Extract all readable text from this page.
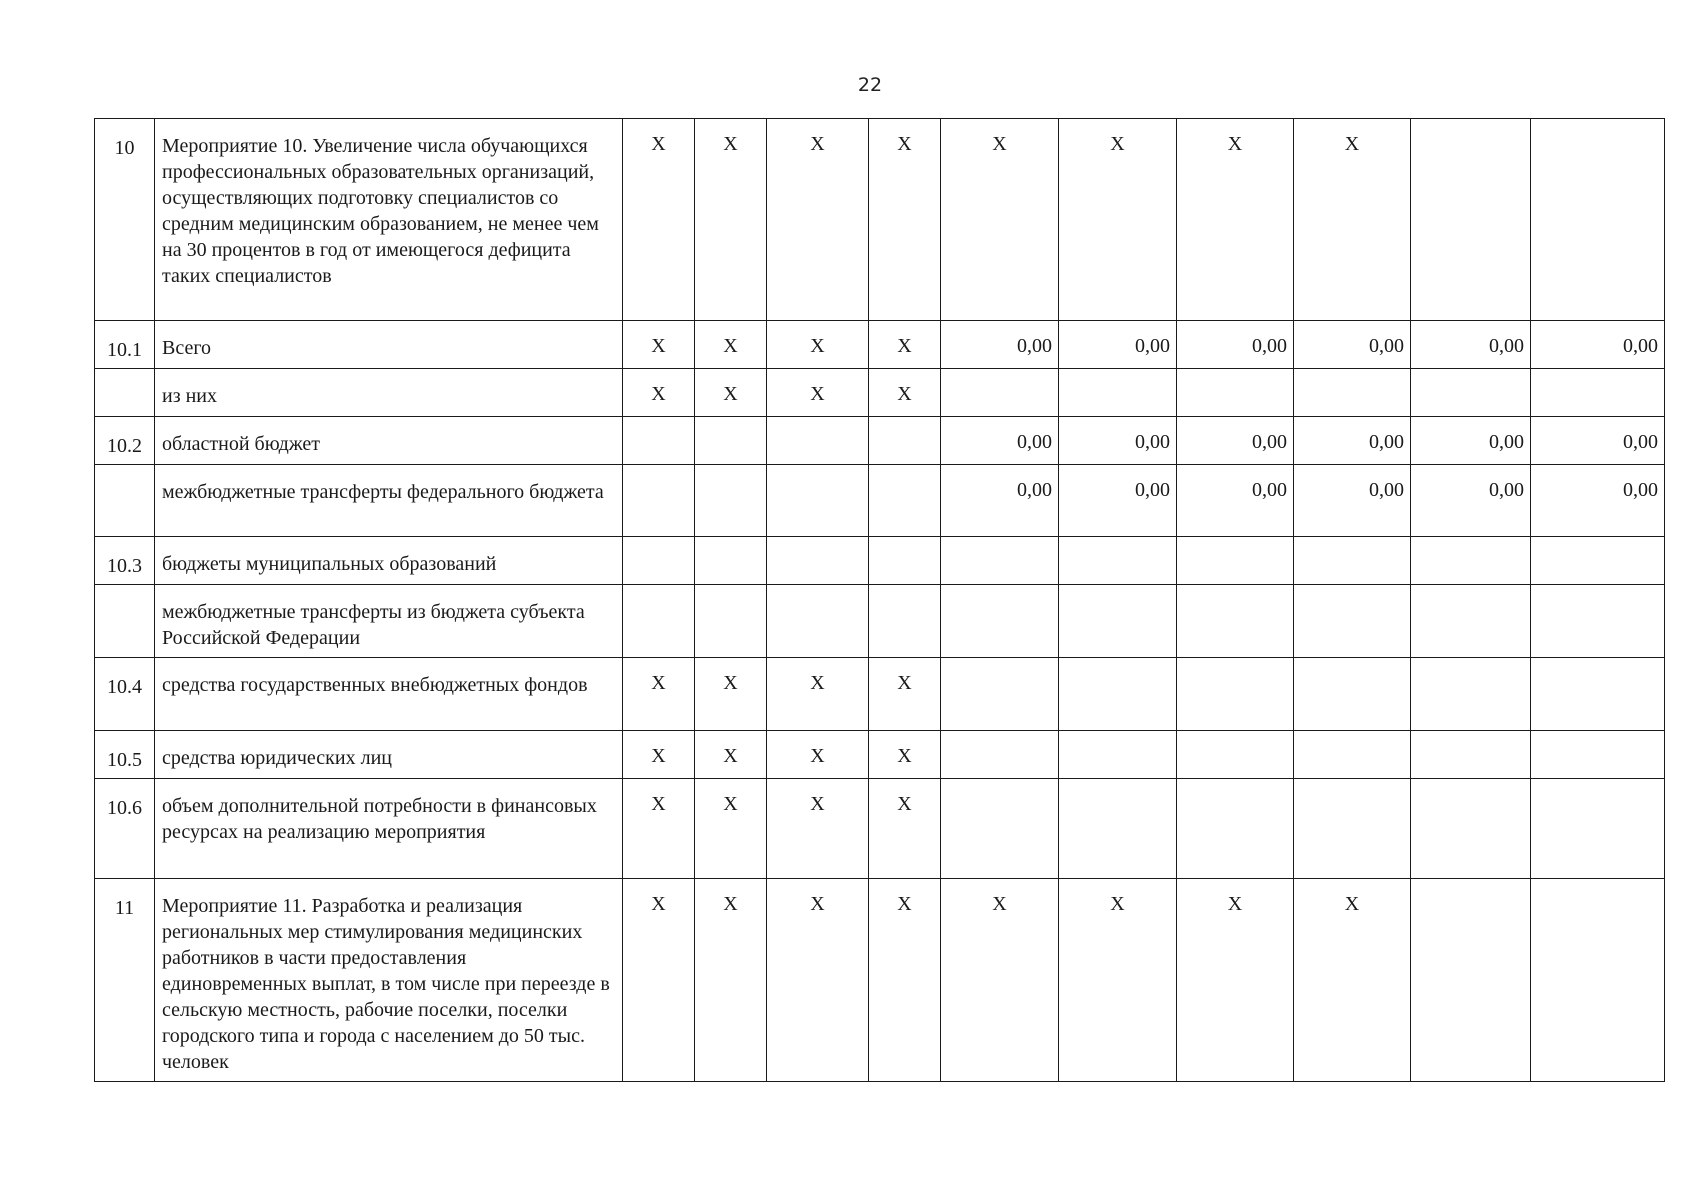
22
10	Мероприятие 10. Увеличение числа обучающихся профессиональных образовательных организаций, осуществляющих подготовку специалистов со средним медицинским образованием, не менее чем на 30 процентов в год от имеющегося дефицита таких специалистов	X	X	X	X	X	X	X	X		
10.1	Всего	X	X	X	X	0,00	0,00	0,00	0,00	0,00	0,00
	из них	X	X	X	X						
10.2	областной бюджет					0,00	0,00	0,00	0,00	0,00	0,00
	межбюджетные трансферты федерального бюджета					0,00	0,00	0,00	0,00	0,00	0,00
10.3	бюджеты муниципальных образований										
	межбюджетные трансферты из бюджета субъекта Российской Федерации										
10.4	средства государственных внебюджетных фондов	X	X	X	X						
10.5	средства юридических лиц	X	X	X	X						
10.6	объем дополнительной потребности в финансовых ресурсах на реализацию мероприятия	X	X	X	X						
11	Мероприятие 11. Разработка и реализация региональных мер стимулирования медицинских работников в части предоставления единовременных выплат, в том числе при переезде в сельскую местность, рабочие поселки, поселки городского типа и города с населением до 50 тыс. человек	X	X	X	X	X	X	X	X		
